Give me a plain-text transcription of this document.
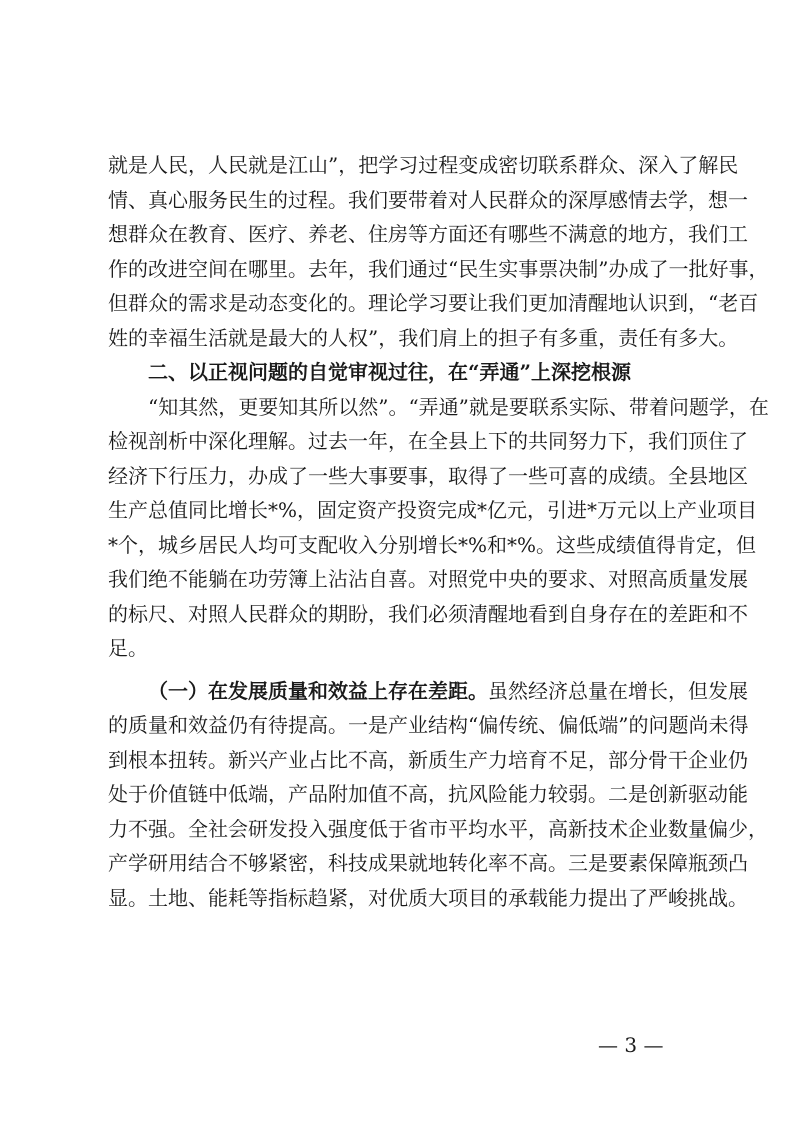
就是人民，人民就是江山”，把学习过程变成密切联系群众、深入了解民
情、真心服务民生的过程。我们要带着对人民群众的深厚感情去学，想一
想群众在教育、医疗、养老、住房等方面还有哪些不满意的地方，我们工
作的改进空间在哪里。去年，我们通过“民生实事票决制”办成了一批好事，
但群众的需求是动态变化的。理论学习要让我们更加清醒地认识到，“老百
姓的幸福生活就是最大的人权”，我们肩上的担子有多重，责任有多大。
二、以正视问题的自觉审视过往，在“弄通”上深挖根源
“知其然，更要知其所以然”。“弄通”就是要联系实际、带着问题学，在
检视剖析中深化理解。过去一年，在全县上下的共同努力下，我们顶住了
经济下行压力，办成了一些大事要事，取得了一些可喜的成绩。全县地区
生产总值同比增长*%，固定资产投资完成*亿元，引进*万元以上产业项目
*个，城乡居民人均可支配收入分别增长*%和*%。这些成绩值得肯定，但
我们绝不能躺在功劳簿上沾沾自喜。对照党中央的要求、对照高质量发展
的标尺、对照人民群众的期盼，我们必须清醒地看到自身存在的差距和不
足。
（一）在发展质量和效益上存在差距。虽然经济总量在增长，但发展
的质量和效益仍有待提高。一是产业结构“偏传统、偏低端”的问题尚未得
到根本扭转。新兴产业占比不高，新质生产力培育不足，部分骨干企业仍
处于价值链中低端，产品附加值不高，抗风险能力较弱。二是创新驱动能
力不强。全社会研发投入强度低于省市平均水平，高新技术企业数量偏少，
产学研用结合不够紧密，科技成果就地转化率不高。三是要素保障瓶颈凸
显。土地、能耗等指标趋紧，对优质大项目的承载能力提出了严峻挑战。
— 3 —
